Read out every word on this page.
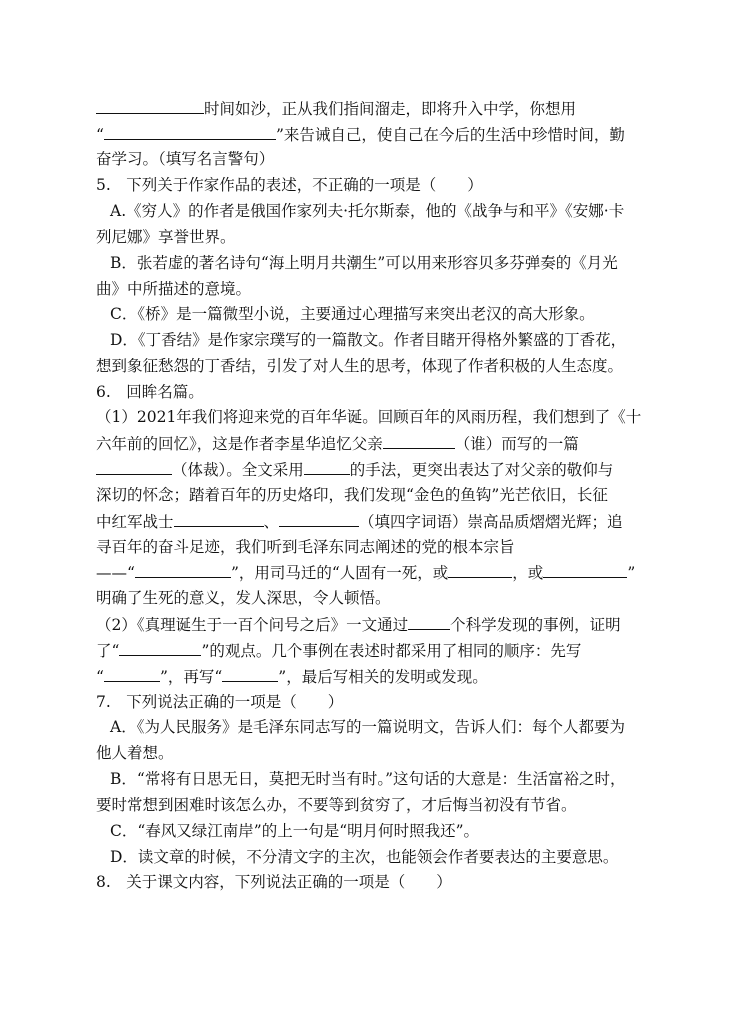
时间如沙，正从我们指间溜走，即将升入中学，你想用
“	”来告诫自己，使自己在今后的生活中珍惜时间，勤
奋学习。（填写名言警句）
5.　下列关于作家作品的表述，不正确的一项是（　　）
A.《穷人》的作者是俄国作家列夫·托尔斯泰，他的《战争与和平》《安娜·卡
列尼娜》享誉世界。
B．张若虚的著名诗句“海上明月共潮生”可以用来形容贝多芬弹奏的《月光
曲》中所描述的意境。
C．《桥》是一篇微型小说，主要通过心理描写来突出老汉的高大形象。
D．《丁香结》是作家宗璞写的一篇散文。作者目睹开得格外繁盛的丁香花，
想到象征愁怨的丁香结，引发了对人生的思考，体现了作者积极的人生态度。
6.　回眸名篇。
（1）2021年我们将迎来党的百年华诞。回顾百年的风雨历程，我们想到了《十
六年前的回忆》，这是作者李星华追忆父亲	（谁）而写的一篇
（体裁）。全文采用	的手法，更突出表达了对父亲的敬仰与
深切的怀念；踏着百年的历史烙印，我们发现“金色的鱼钩”光芒依旧，长征
中红军战士	、	（填四字词语）崇高品质熠熠光辉；追
寻百年的奋斗足迹，我们听到毛泽东同志阐述的党的根本宗旨
——“	”，用司马迁的“人固有一死，或	，或	”
明确了生死的意义，发人深思，令人顿悟。
（2）《真理诞生于一百个问号之后》一文通过	个科学发现的事例，证明
了“	”的观点。几个事例在表述时都采用了相同的顺序：先写
“	”，再写“	”，最后写相关的发明或发现。
7.　下列说法正确的一项是（　　）
A．《为人民服务》是毛泽东同志写的一篇说明文，告诉人们：每个人都要为
他人着想。
B．“常将有日思无日，莫把无时当有时。”这句话的大意是：生活富裕之时，
要时常想到困难时该怎么办，不要等到贫穷了，才后悔当初没有节省。
C．“春风又绿江南岸”的上一句是“明月何时照我还”。
D．读文章的时候，不分清文字的主次，也能领会作者要表达的主要意思。
8.　关于课文内容，下列说法正确的一项是（　　）
